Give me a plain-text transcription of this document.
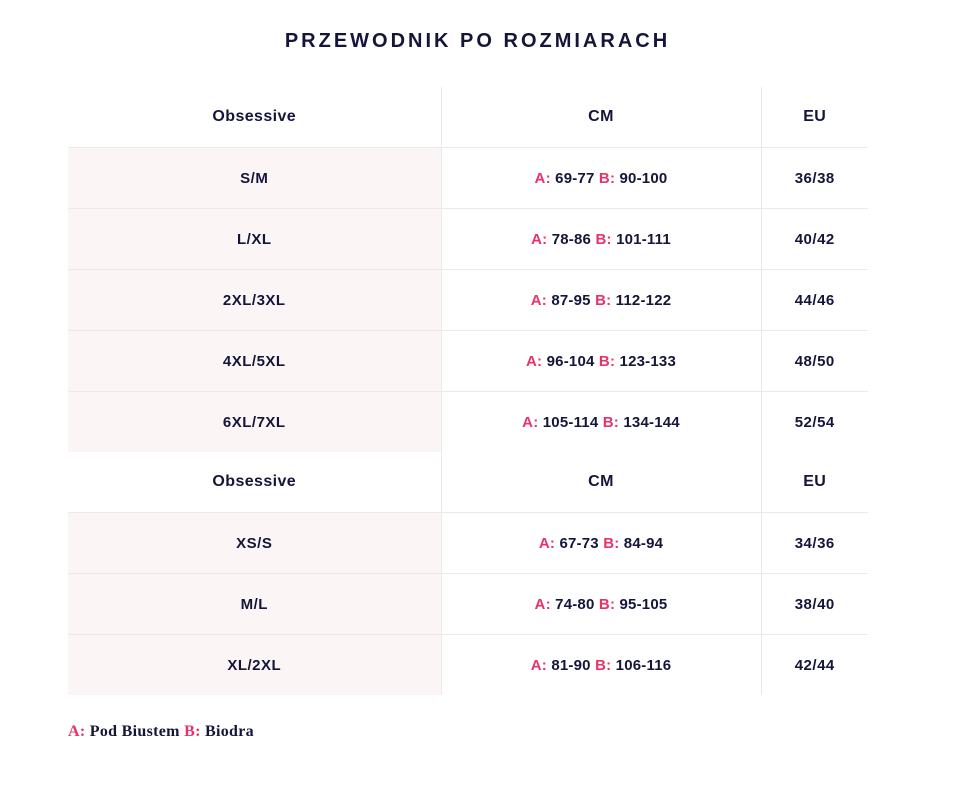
PRZEWODNIK PO ROZMIARACH
Obsessive	CM	EU
S/M	A: 69-77 B: 90-100	36/38
L/XL	A: 78-86 B: 101-111	40/42
2XL/3XL	A: 87-95 B: 112-122	44/46
4XL/5XL	A: 96-104 B: 123-133	48/50
6XL/7XL	A: 105-114 B: 134-144	52/54
Obsessive	CM	EU
XS/S	A: 67-73 B: 84-94	34/36
M/L	A: 74-80 B: 95-105	38/40
XL/2XL	A: 81-90 B: 106-116	42/44
A: Pod Biustem B: Biodra
